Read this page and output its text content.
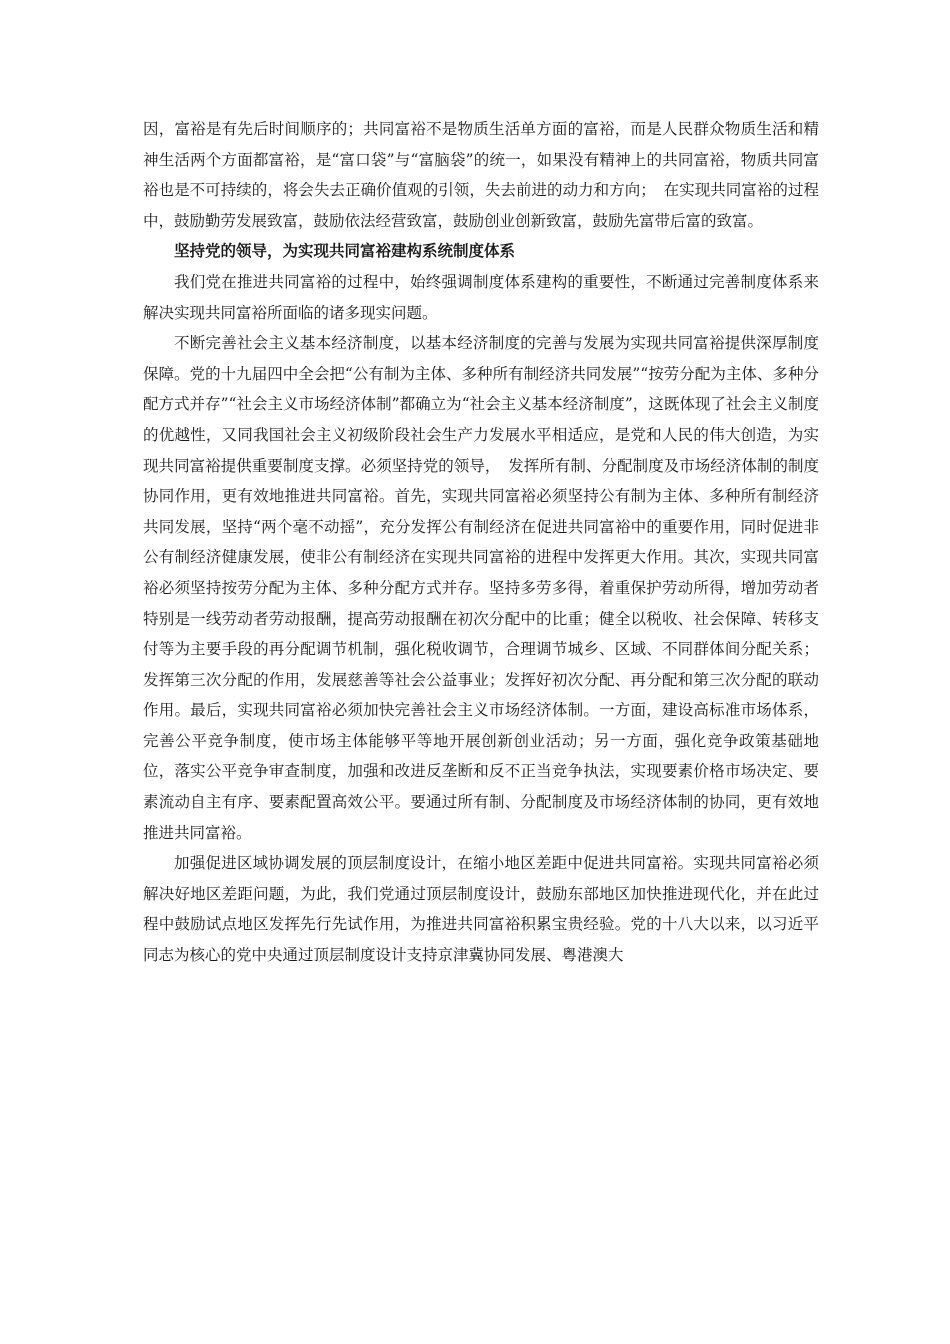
因，富裕是有先后时间顺序的；共同富裕不是物质生活单方面的富裕，而是人民群众物质生活和精神生活两个方面都富裕，是“富口袋”与“富脑袋”的统一，如果没有精神上的共同富裕，物质共同富裕也是不可持续的，将会失去正确价值观的引领，失去前进的动力和方向；　在实现共同富裕的过程中，鼓励勤劳发展致富，鼓励依法经营致富，鼓励创业创新致富，鼓励先富带后富的致富。

坚持党的领导，为实现共同富裕建构系统制度体系

我们党在推进共同富裕的过程中，始终强调制度体系建构的重要性，不断通过完善制度体系来解决实现共同富裕所面临的诸多现实问题。

不断完善社会主义基本经济制度，以基本经济制度的完善与发展为实现共同富裕提供深厚制度保障。党的十九届四中全会把“公有制为主体、多种所有制经济共同发展”“按劳分配为主体、多种分配方式并存”“社会主义市场经济体制”都确立为“社会主义基本经济制度”，这既体现了社会主义制度的优越性，又同我国社会主义初级阶段社会生产力发展水平相适应，是党和人民的伟大创造，为实现共同富裕提供重要制度支撑。必须坚持党的领导，　发挥所有制、分配制度及市场经济体制的制度协同作用，更有效地推进共同富裕。首先，实现共同富裕必须坚持公有制为主体、多种所有制经济共同发展，坚持“两个毫不动摇”，充分发挥公有制经济在促进共同富裕中的重要作用，同时促进非公有制经济健康发展，使非公有制经济在实现共同富裕的进程中发挥更大作用。其次，实现共同富裕必须坚持按劳分配为主体、多种分配方式并存。坚持多劳多得，着重保护劳动所得，增加劳动者特别是一线劳动者劳动报酬，提高劳动报酬在初次分配中的比重；健全以税收、社会保障、转移支付等为主要手段的再分配调节机制，强化税收调节，合理调节城乡、区域、不同群体间分配关系；发挥第三次分配的作用，发展慈善等社会公益事业；发挥好初次分配、再分配和第三次分配的联动作用。最后，实现共同富裕必须加快完善社会主义市场经济体制。一方面，建设高标准市场体系，完善公平竞争制度，使市场主体能够平等地开展创新创业活动；另一方面，强化竞争政策基础地位，落实公平竞争审查制度，加强和改进反垄断和反不正当竞争执法，实现要素价格市场决定、要素流动自主有序、要素配置高效公平。要通过所有制、分配制度及市场经济体制的协同，更有效地推进共同富裕。

加强促进区域协调发展的顶层制度设计，在缩小地区差距中促进共同富裕。实现共同富裕必须解决好地区差距问题，为此，我们党通过顶层制度设计，鼓励东部地区加快推进现代化，并在此过程中鼓励试点地区发挥先行先试作用，为推进共同富裕积累宝贵经验。党的十八大以来，以习近平同志为核心的党中央通过顶层制度设计支持京津冀协同发展、粤港澳大
